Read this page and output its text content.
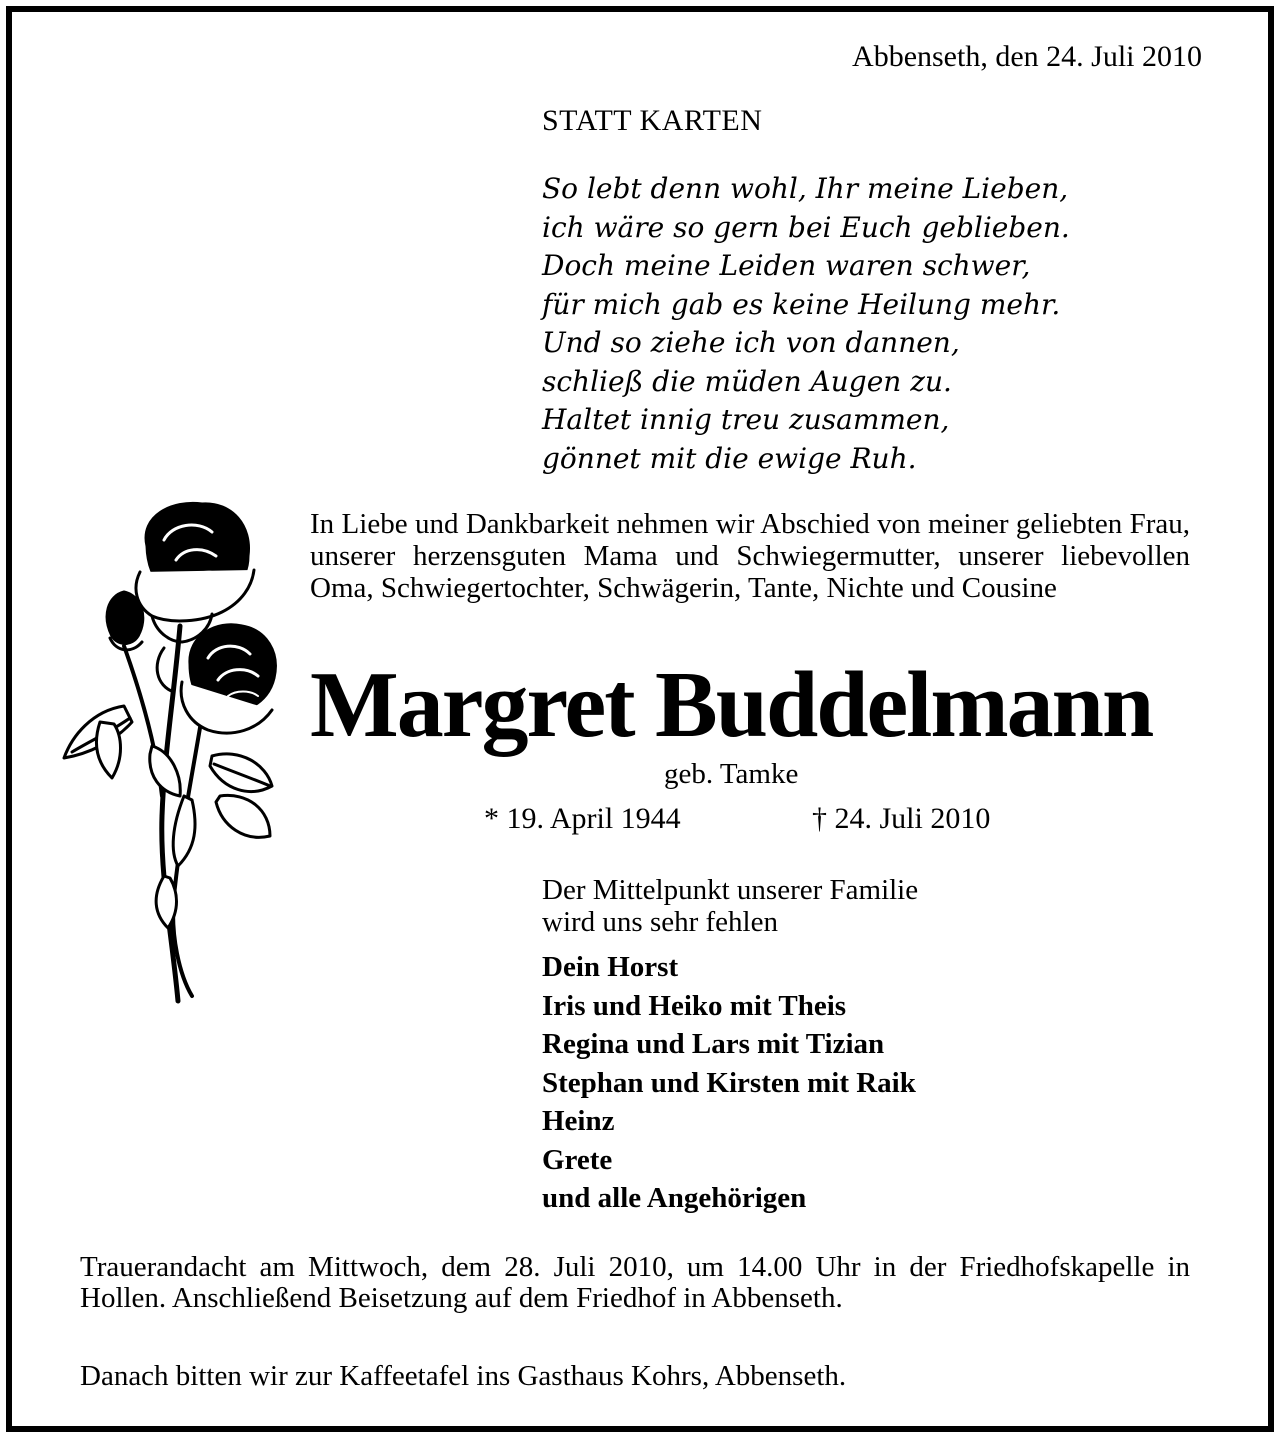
Abbenseth, den 24. Juli 2010
STATT KARTEN
So lebt denn wohl, Ihr meine Lieben,
ich wäre so gern bei Euch geblieben.
Doch meine Leiden waren schwer,
für mich gab es keine Heilung mehr.
Und so ziehe ich von dannen,
schließ die müden Augen zu.
Haltet innig treu zusammen,
gönnet mit die ewige Ruh.
In Liebe und Dankbarkeit nehmen wir Abschied von meiner geliebten Frau, unserer herzensguten Mama und Schwiegermutter, unserer liebevollen Oma, Schwiegertochter, Schwägerin, Tante, Nichte und Cousine
Margret Buddelmann
geb. Tamke
* 19. April 1944	† 24. Juli 2010
Der Mittelpunkt unserer Familie
wird uns sehr fehlen
Dein Horst
Iris und Heiko mit Theis
Regina und Lars mit Tizian
Stephan und Kirsten mit Raik
Heinz
Grete
und alle Angehörigen
Trauerandacht am Mittwoch, dem 28. Juli 2010, um 14.00 Uhr in der Friedhofskapelle in Hollen. Anschließend Beisetzung auf dem Friedhof in Abbenseth.
Danach bitten wir zur Kaffeetafel ins Gasthaus Kohrs, Abbenseth.
